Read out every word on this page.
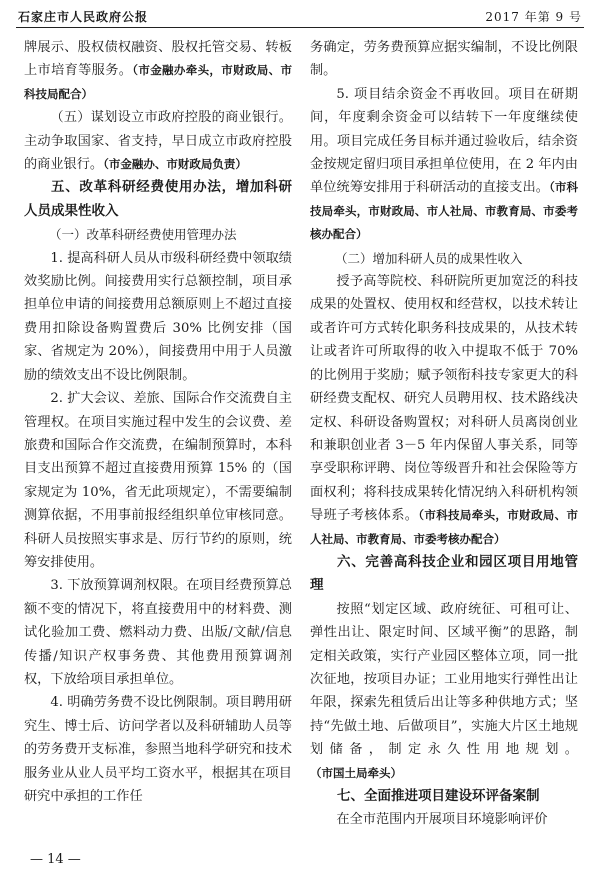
石家庄市人民政府公报	2017 年第 9 号

牌展示、股权债权融资、股权托管交易、转板上市培育等服务。（市金融办牵头，市财政局、市科技局配合）

（五）谋划设立市政府控股的商业银行。主动争取国家、省支持，早日成立市政府控股的商业银行。（市金融办、市财政局负责）

五、改革科研经费使用办法，增加科研人员成果性收入

（一）改革科研经费使用管理办法

1. 提高科研人员从市级科研经费中领取绩效奖励比例。间接费用实行总额控制，项目承担单位申请的间接费用总额原则上不超过直接费用扣除设备购置费后 30% 比例安排（国家、省规定为 20%），间接费用中用于人员激励的绩效支出不设比例限制。

2. 扩大会议、差旅、国际合作交流费自主管理权。在项目实施过程中发生的会议费、差旅费和国际合作交流费，在编制预算时，本科目支出预算不超过直接费用预算 15% 的（国家规定为 10%，省无此项规定），不需要编制测算依据，不用事前报经组织单位审核同意。科研人员按照实事求是、厉行节约的原则，统筹安排使用。

3. 下放预算调剂权限。在项目经费预算总额不变的情况下，将直接费用中的材料费、测试化验加工费、燃料动力费、出版/文献/信息传播/知识产权事务费、其他费用预算调剂权，下放给项目承担单位。

4. 明确劳务费不设比例限制。项目聘用研究生、博士后、访问学者以及科研辅助人员等的劳务费开支标准，参照当地科学研究和技术服务业从业人员平均工资水平，根据其在项目研究中承担的工作任

务确定，劳务费预算应据实编制，不设比例限制。

5. 项目结余资金不再收回。项目在研期间，年度剩余资金可以结转下一年度继续使用。项目完成任务目标并通过验收后，结余资金按规定留归项目承担单位使用，在 2 年内由单位统筹安排用于科研活动的直接支出。（市科技局牵头，市财政局、市人社局、市教育局、市委考核办配合）

（二）增加科研人员的成果性收入

授予高等院校、科研院所更加宽泛的科技成果的处置权、使用权和经营权，以技术转让或者许可方式转化职务科技成果的，从技术转让或者许可所取得的收入中提取不低于 70% 的比例用于奖励；赋予领衔科技专家更大的科研经费支配权、研究人员聘用权、技术路线决定权、科研设备购置权；对科研人员离岗创业和兼职创业者 3－5 年内保留人事关系，同等享受职称评聘、岗位等级晋升和社会保险等方面权利；将科技成果转化情况纳入科研机构领导班子考核体系。（市科技局牵头，市财政局、市人社局、市教育局、市委考核办配合）

六、完善高科技企业和园区项目用地管理

按照“划定区域、政府统征、可租可让、弹性出让、限定时间、区域平衡”的思路，制定相关政策，实行产业园区整体立项，同一批次征地，按项目办证；工业用地实行弹性出让年限，探索先租赁后出让等多种供地方式；坚持“先做土地、后做项目”，实施大片区土地规划储备，制定永久性用地规划。（市国土局牵头）

七、全面推进项目建设环评备案制

在全市范围内开展项目环境影响评价

— 14 —
